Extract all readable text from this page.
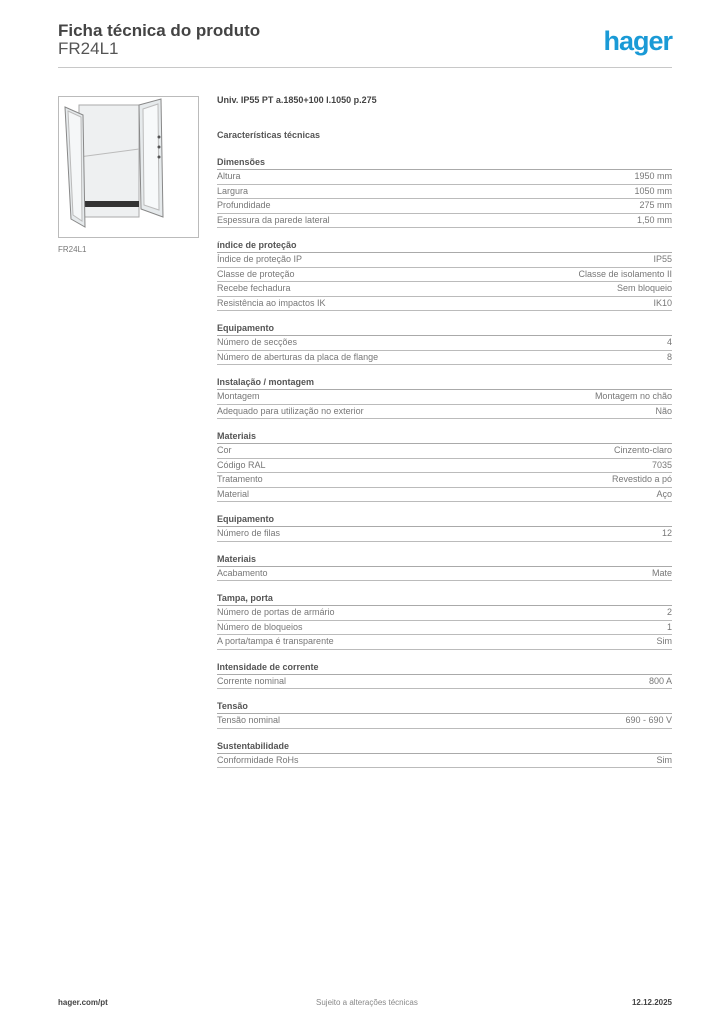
Ficha técnica do produto
FR24L1	hager
FR24L1
Univ. IP55 PT a.1850+100 l.1050 p.275
Características técnicas
Dimensões
Altura	1950 mm
Largura	1050 mm
Profundidade	275 mm
Espessura da parede lateral	1,50 mm
índice de proteção
Índice de proteção IP	IP55
Classe de proteção	Classe de isolamento II
Recebe fechadura	Sem bloqueio
Resistência ao impactos IK	IK10
Equipamento
Número de secções	4
Número de aberturas da placa de flange	8
Instalação / montagem
Montagem	Montagem no chão
Adequado para utilização no exterior	Não
Materiais
Cor	Cinzento-claro
Código RAL	7035
Tratamento	Revestido a pó
Material	Aço
Equipamento
Número de filas	12
Materiais
Acabamento	Mate
Tampa, porta
Número de portas de armário	2
Número de bloqueios	1
A porta/tampa é transparente	Sim
Intensidade de corrente
Corrente nominal	800 A
Tensão
Tensão nominal	690 - 690 V
Sustentabilidade
Conformidade RoHs	Sim
hager.com/pt	Sujeito a alterações técnicas	12.12.2025
